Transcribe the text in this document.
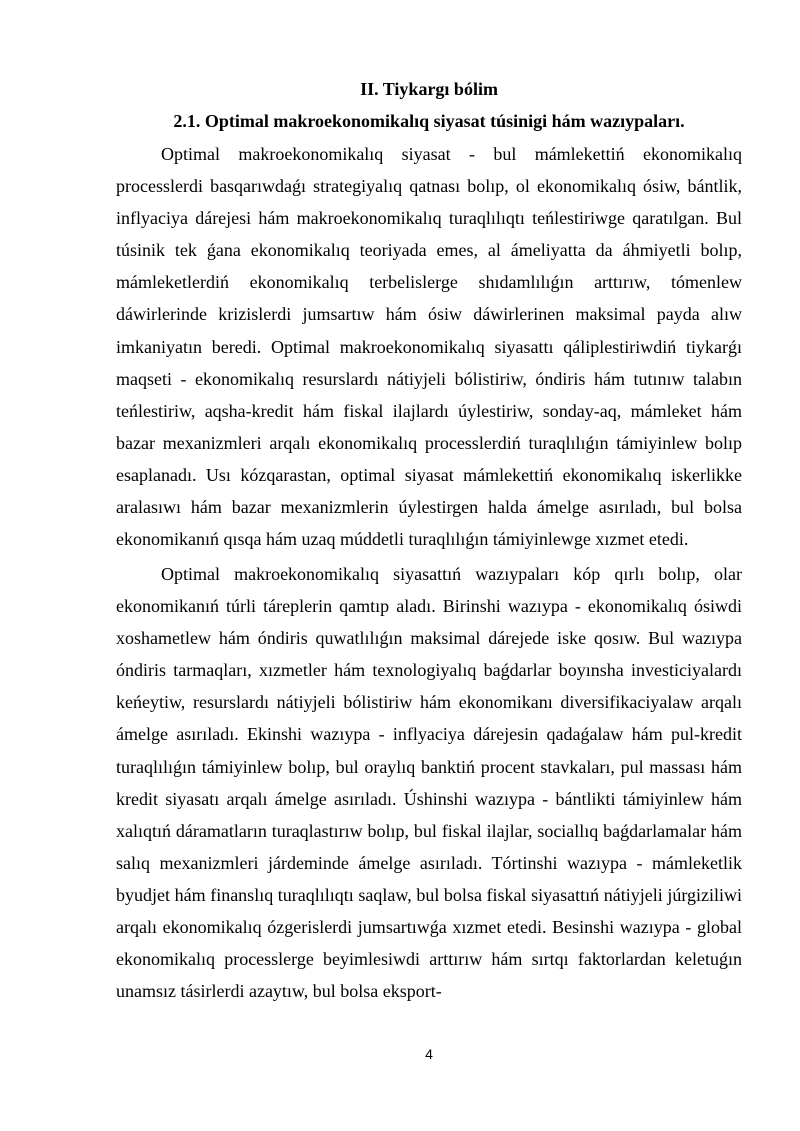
II. Tiykargı bólim
2.1. Optimal makroekonomikalıq siyasat túsinigi hám wazıypaları.

Optimal makroekonomikalıq siyasat - bul mámlekettiń ekonomikalıq processlerdi basqarıwdaǵı strategiyalıq qatnası bolıp, ol ekonomikalıq ósiw, bántlik, inflyaciya dárejesi hám makroekonomikalıq turaqlılıqtı teńlestiriwge qaratılgan. Bul túsinik tek ǵana ekonomikalıq teoriyada emes, al ámeliyatta da áhmiyetli bolıp, mámleketlerdiń ekonomikalıq terbelislerge shıdamlılıǵın arttırıw, tómenlew dáwirlerinde krizislerdi jumsartıw hám ósiw dáwirlerinen maksimal payda alıw imkaniyatın beredi. Optimal makroekonomikalıq siyasattı qáliplestiriwdiń tiykarǵı maqseti - ekonomikalıq resurslardı nátiyjeli bólistiriw, óndiris hám tutınıw talabın teńlestiriw, aqsha-kredit hám fiskal ilajlardı úylestiriw, sonday-aq, mámleket hám bazar mexanizmleri arqalı ekonomikalıq processlerdiń turaqlılıǵın támiyinlew bolıp esaplanadı. Usı kózqarastan, optimal siyasat mámlekettiń ekonomikalıq iskerlikke aralasıwı hám bazar mexanizmlerin úylestirgen halda ámelge asırıladı, bul bolsa ekonomikanıń qısqa hám uzaq múddetli turaqlılıǵın támiyinlewge xızmet etedi.

Optimal makroekonomikalıq siyasattıń wazıypaları kóp qırlı bolıp, olar ekonomikanıń túrli táreplerin qamtıp aladı. Birinshi wazıypa - ekonomikalıq ósiwdi xoshametlew hám óndiris quwatlılıǵın maksimal dárejede iske qosıw. Bul wazıypa óndiris tarmaqları, xızmetler hám texnologiyalıq baǵdarlar boyınsha investiciyalardı keńeytiw, resurslardı nátiyjeli bólistiriw hám ekonomikanı diversifikaciyalaw arqalı ámelge asırıladı. Ekinshi wazıypa - inflyaciya dárejesin qadaǵalaw hám pul-kredit turaqlılıǵın támiyinlew bolıp, bul oraylıq banktiń procent stavkaları, pul massası hám kredit siyasatı arqalı ámelge asırıladı. Úshinshi wazıypa - bántlikti támiyinlew hám xalıqtıń dáramatların turaqlastırıw bolıp, bul fiskal ilajlar, sociallıq baǵdarlamalar hám salıq mexanizmleri járdeminde ámelge asırıladı. Tórtinshi wazıypa - mámleketlik byudjet hám finanslıq turaqlılıqtı saqlaw, bul bolsa fiskal siyasattıń nátiyjeli júrgiziliwi arqalı ekonomikalıq ózgerislerdi jumsartıwǵa xızmet etedi. Besinshi wazıypa - global ekonomikalıq processlerge beyimlesiwdi arttırıw hám sırtqı faktorlardan keletuǵın unamsız tásirlerdi azaytıw, bul bolsa eksport-

4
